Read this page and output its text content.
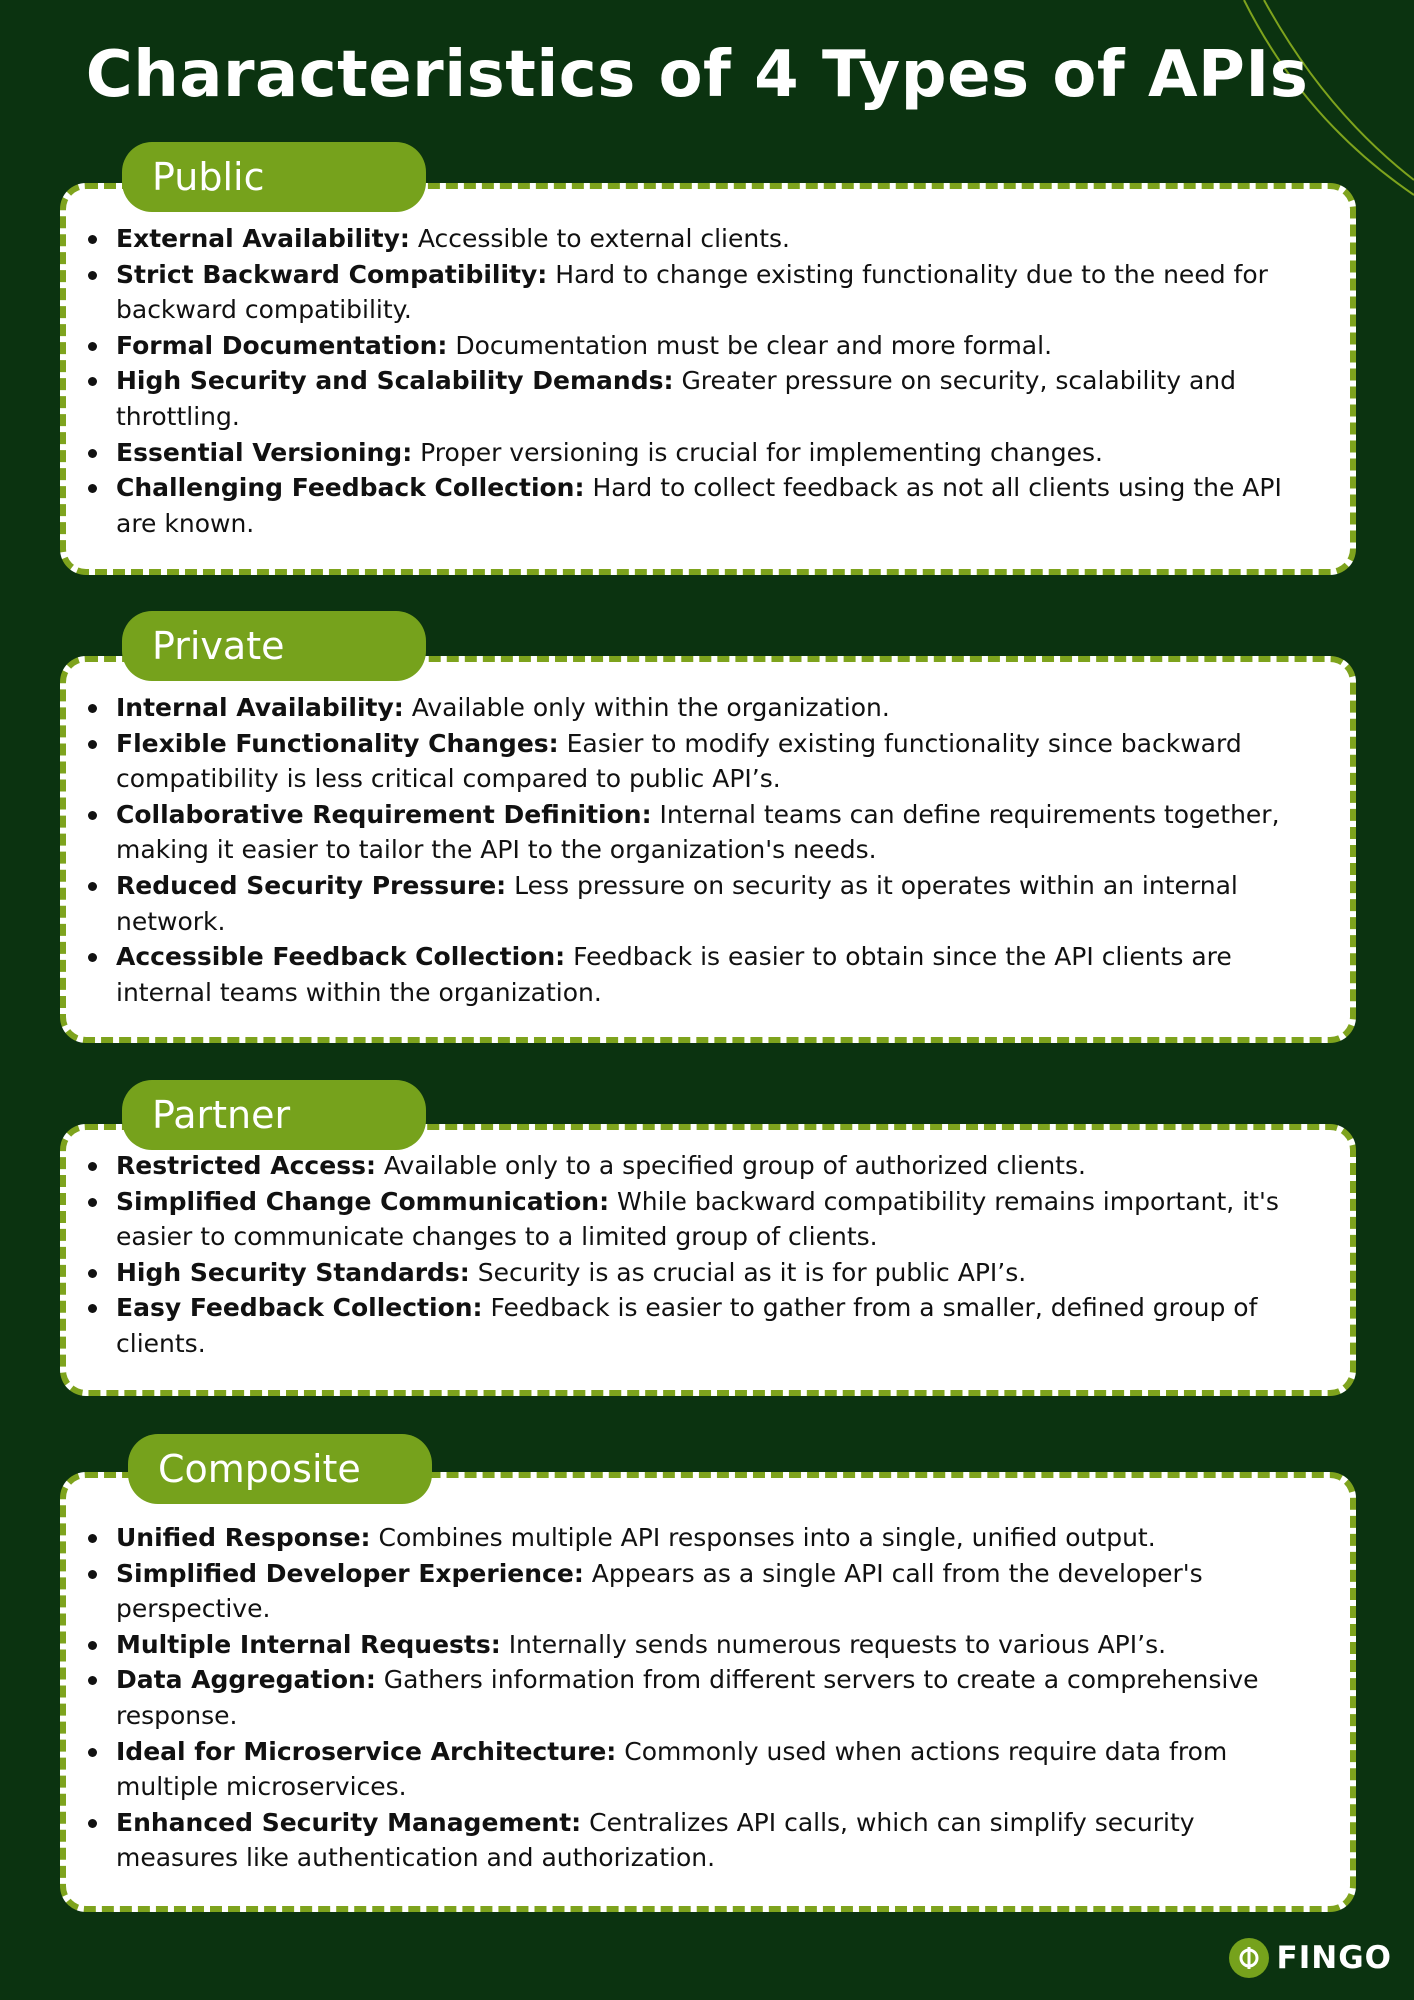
Characteristics of 4 Types of APIs
Public
External Availability: Accessible to external clients.
Strict Backward Compatibility: Hard to change existing functionality due to the need for backward compatibility.
Formal Documentation: Documentation must be clear and more formal.
High Security and Scalability Demands: Greater pressure on security, scalability and throttling.
Essential Versioning: Proper versioning is crucial for implementing changes.
Challenging Feedback Collection: Hard to collect feedback as not all clients using the API are known.
Private
Internal Availability: Available only within the organization.
Flexible Functionality Changes: Easier to modify existing functionality since backward compatibility is less critical compared to public API’s.
Collaborative Requirement Definition: Internal teams can define requirements together, making it easier to tailor the API to the organization's needs.
Reduced Security Pressure: Less pressure on security as it operates within an internal network.
Accessible Feedback Collection: Feedback is easier to obtain since the API clients are internal teams within the organization.
Partner
Restricted Access: Available only to a specified group of authorized clients.
Simplified Change Communication: While backward compatibility remains important, it's easier to communicate changes to a limited group of clients.
High Security Standards: Security is as crucial as it is for public API’s.
Easy Feedback Collection: Feedback is easier to gather from a smaller, defined group of clients.
Composite
Unified Response: Combines multiple API responses into a single, unified output.
Simplified Developer Experience: Appears as a single API call from the developer's perspective.
Multiple Internal Requests: Internally sends numerous requests to various API’s.
Data Aggregation: Gathers information from different servers to create a comprehensive response.
Ideal for Microservice Architecture: Commonly used when actions require data from multiple microservices.
Enhanced Security Management: Centralizes API calls, which can simplify security measures like authentication and authorization.
FINGO
